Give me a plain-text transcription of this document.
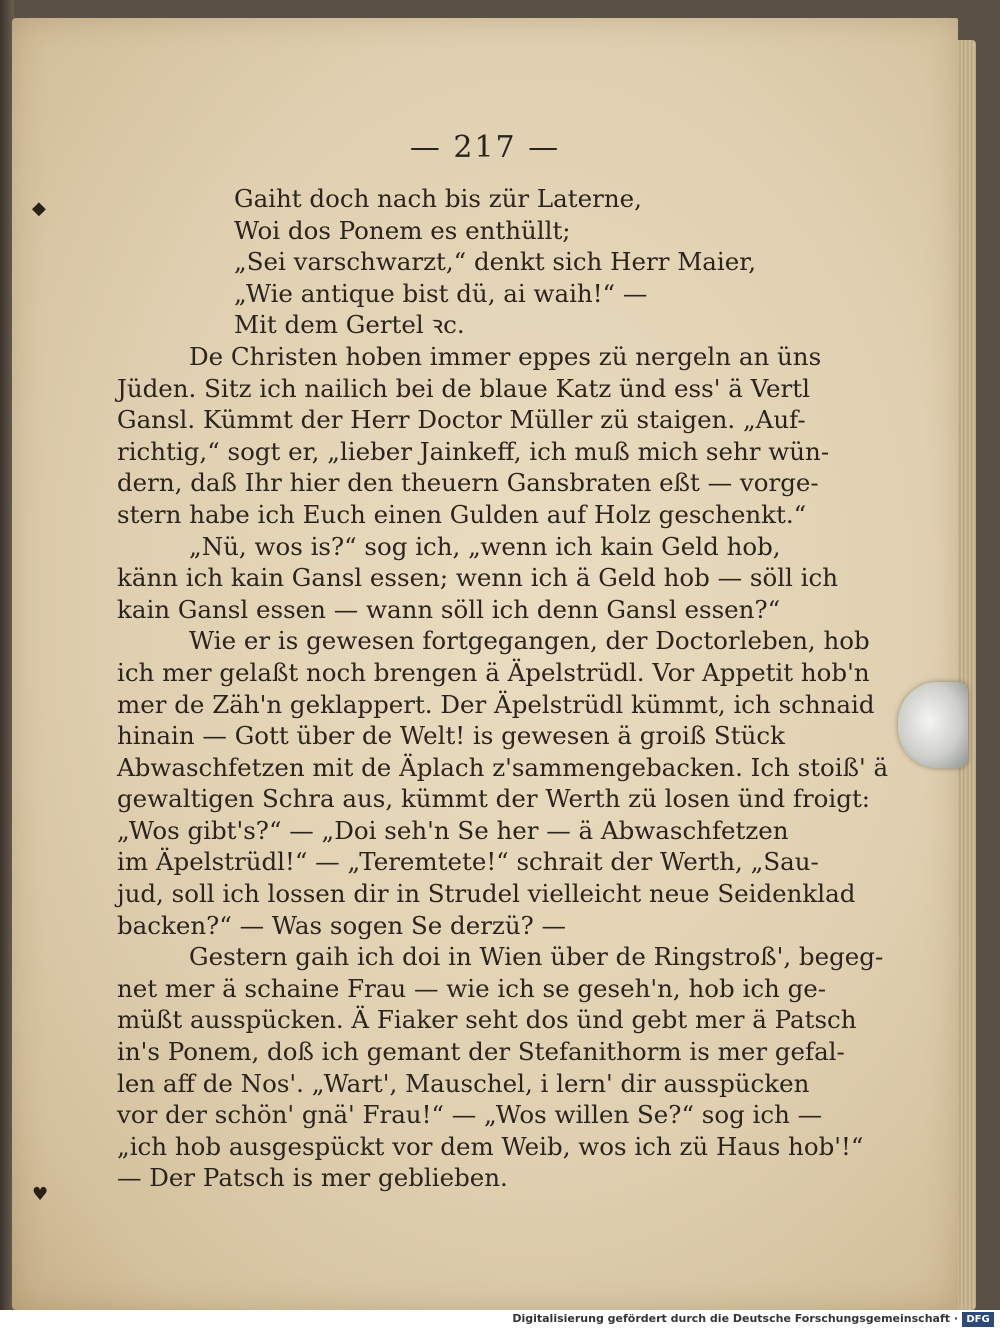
— 217 —
Gaiht doch nach bis zür Laterne,
Woi dos Ponem es enthüllt;
„Sei varschwarzt,“ denkt sich Herr Maier,
„Wie antique bist dü, ai waih!“ —
Mit dem Gertel ꝛc.
De Christen hoben immer eppes zü nergeln an üns
Jüden. Sitz ich nailich bei de blaue Katz ünd ess' ä Vertl
Gansl. Kümmt der Herr Doctor Müller zü staigen. „Auf-
richtig,“ sogt er, „lieber Jainkeff, ich muß mich sehr wün-
dern, daß Ihr hier den theuern Gansbraten eßt — vorge-
stern habe ich Euch einen Gulden auf Holz geschenkt.“
„Nü, wos is?“ sog ich, „wenn ich kain Geld hob,
känn ich kain Gansl essen; wenn ich ä Geld hob — söll ich
kain Gansl essen — wann söll ich denn Gansl essen?“
Wie er is gewesen fortgegangen, der Doctorleben, hob
ich mer gelaßt noch brengen ä Äpelstrüdl. Vor Appetit hob'n
mer de Zäh'n geklappert. Der Äpelstrüdl kümmt, ich schnaid
hinain — Gott über de Welt! is gewesen ä groiß Stück
Abwaschfetzen mit de Äplach z'sammengebacken. Ich stoiß' ä
gewaltigen Schra aus, kümmt der Werth zü losen ünd froigt:
„Wos gibt's?“ — „Doi seh'n Se her — ä Abwaschfetzen
im Äpelstrüdl!“ — „Teremtete!“ schrait der Werth, „Sau-
jud, soll ich lossen dir in Strudel vielleicht neue Seidenklad
backen?“ — Was sogen Se derzü? —
Gestern gaih ich doi in Wien über de Ringstroß', begeg-
net mer ä schaine Frau — wie ich se geseh'n, hob ich ge-
müßt ausspücken. Ä Fiaker seht dos ünd gebt mer ä Patsch
in's Ponem, doß ich gemant der Stefanithorm is mer gefal-
len aff de Nos'. „Wart', Mauschel, i lern' dir ausspücken
vor der schön' gnä' Frau!“ — „Wos willen Se?“ sog ich —
„ich hob ausgespückt vor dem Weib, wos ich zü Haus hob'!“
— Der Patsch is mer geblieben.
◆
♥
Digitalisierung gefördert durch die Deutsche Forschungsgemeinschaft · DFG
